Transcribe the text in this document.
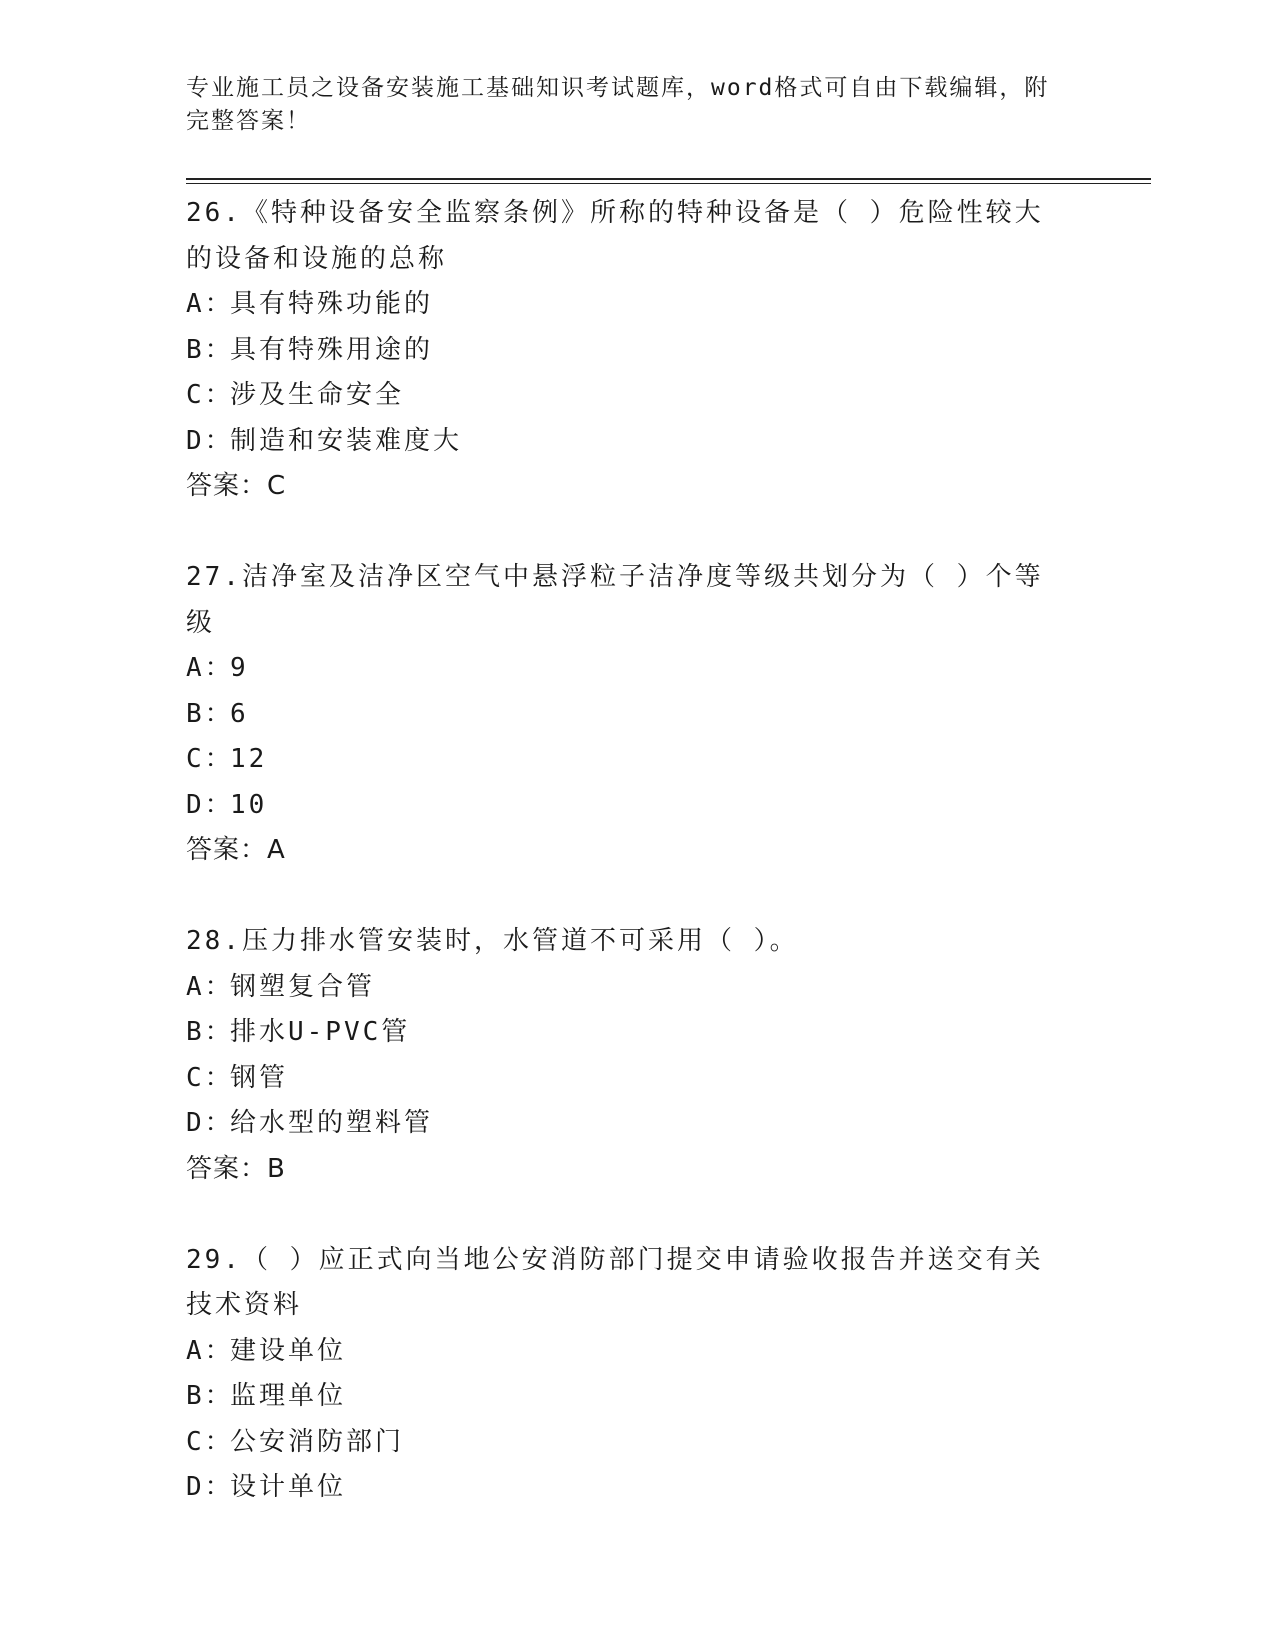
专业施工员之设备安装施工基础知识考试题库，word格式可自由下载编辑，附完整答案！
26.《特种设备安全监察条例》所称的特种设备是（ ）危险性较大的设备和设施的总称
A：具有特殊功能的
B：具有特殊用途的
C：涉及生命安全
D：制造和安装难度大
答案：C
27.洁净室及洁净区空气中悬浮粒子洁净度等级共划分为（ ）个等级
A：9
B：6
C：12
D：10
答案：A
28.压力排水管安装时，水管道不可采用（ ）。
A：钢塑复合管
B：排水U-PVC管
C：钢管
D：给水型的塑料管
答案：B
29.（ ）应正式向当地公安消防部门提交申请验收报告并送交有关技术资料
A：建设单位
B：监理单位
C：公安消防部门
D：设计单位
